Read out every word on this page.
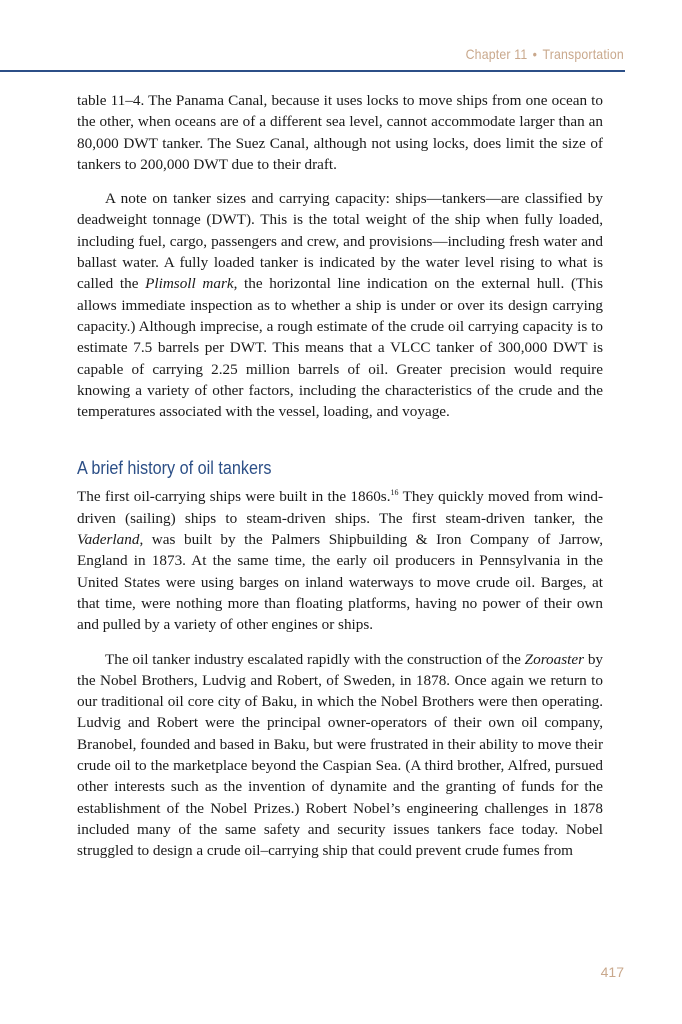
Chapter 11 • Transportation

table 11–4. The Panama Canal, because it uses locks to move ships from one ocean to the other, when oceans are of a different sea level, cannot accommodate larger than an 80,000 DWT tanker. The Suez Canal, although not using locks, does limit the size of tankers to 200,000 DWT due to their draft.

A note on tanker sizes and carrying capacity: ships—tankers—are classified by deadweight tonnage (DWT). This is the total weight of the ship when fully loaded, including fuel, cargo, passengers and crew, and provisions—including fresh water and ballast water. A fully loaded tanker is indicated by the water level rising to what is called the Plimsoll mark, the horizontal line indication on the external hull. (This allows immediate inspection as to whether a ship is under or over its design carrying capacity.) Although imprecise, a rough estimate of the crude oil carrying capacity is to estimate 7.5 barrels per DWT. This means that a VLCC tanker of 300,000 DWT is capable of carrying 2.25 million barrels of oil. Greater precision would require knowing a variety of other factors, including the characteristics of the crude and the temperatures associated with the vessel, loading, and voyage.

A brief history of oil tankers

The first oil-carrying ships were built in the 1860s.$^{16}$ They quickly moved from wind-driven (sailing) ships to steam-driven ships. The first steam-driven tanker, the Vaderland, was built by the Palmers Shipbuilding & Iron Company of Jarrow, England in 1873. At the same time, the early oil producers in Pennsylvania in the United States were using barges on inland waterways to move crude oil. Barges, at that time, were nothing more than floating platforms, having no power of their own and pulled by a variety of other engines or ships.

The oil tanker industry escalated rapidly with the construction of the Zoroaster by the Nobel Brothers, Ludvig and Robert, of Sweden, in 1878. Once again we return to our traditional oil core city of Baku, in which the Nobel Brothers were then operating. Ludvig and Robert were the principal owner-operators of their own oil company, Branobel, founded and based in Baku, but were frustrated in their ability to move their crude oil to the marketplace beyond the Caspian Sea. (A third brother, Alfred, pursued other interests such as the invention of dynamite and the granting of funds for the establishment of the Nobel Prizes.) Robert Nobel’s engineering challenges in 1878 included many of the same safety and security issues tankers face today. Nobel struggled to design a crude oil–carrying ship that could prevent crude fumes from

417
